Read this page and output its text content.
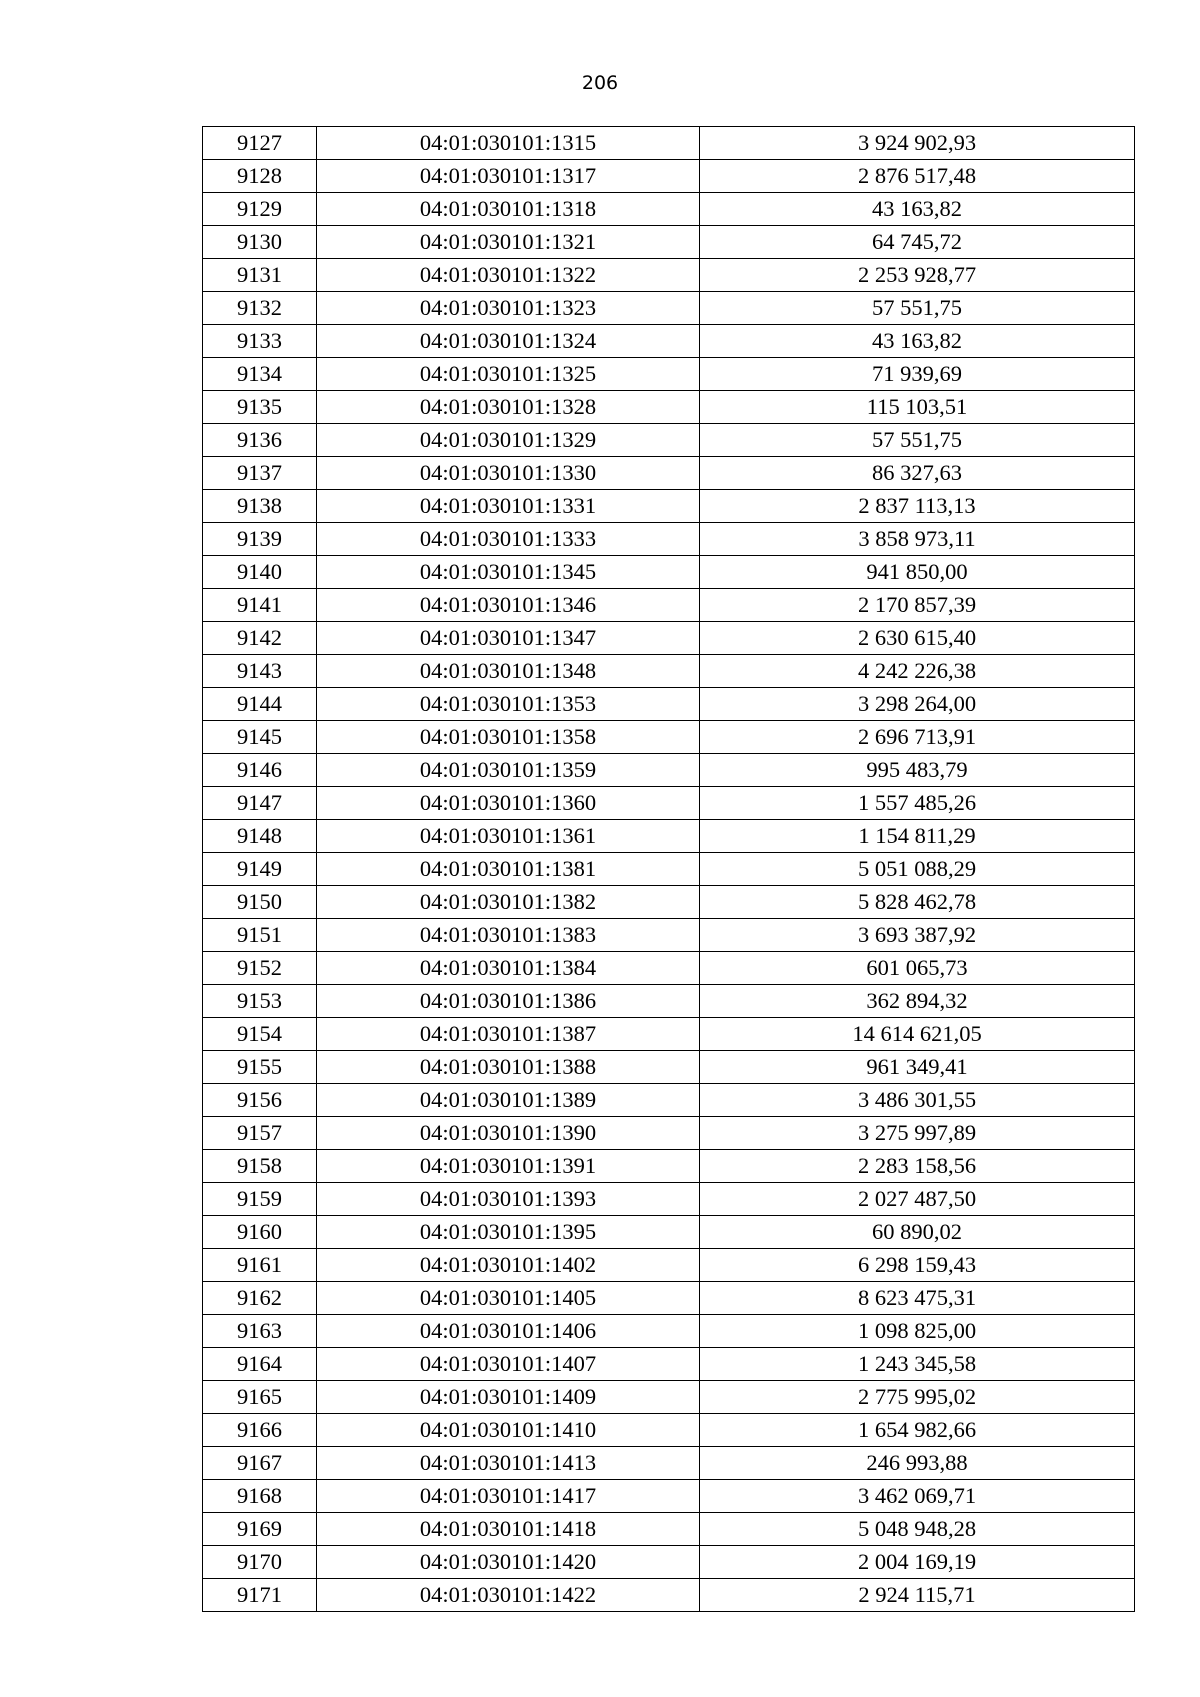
206
9127	04:01:030101:1315	3 924 902,93
9128	04:01:030101:1317	2 876 517,48
9129	04:01:030101:1318	43 163,82
9130	04:01:030101:1321	64 745,72
9131	04:01:030101:1322	2 253 928,77
9132	04:01:030101:1323	57 551,75
9133	04:01:030101:1324	43 163,82
9134	04:01:030101:1325	71 939,69
9135	04:01:030101:1328	115 103,51
9136	04:01:030101:1329	57 551,75
9137	04:01:030101:1330	86 327,63
9138	04:01:030101:1331	2 837 113,13
9139	04:01:030101:1333	3 858 973,11
9140	04:01:030101:1345	941 850,00
9141	04:01:030101:1346	2 170 857,39
9142	04:01:030101:1347	2 630 615,40
9143	04:01:030101:1348	4 242 226,38
9144	04:01:030101:1353	3 298 264,00
9145	04:01:030101:1358	2 696 713,91
9146	04:01:030101:1359	995 483,79
9147	04:01:030101:1360	1 557 485,26
9148	04:01:030101:1361	1 154 811,29
9149	04:01:030101:1381	5 051 088,29
9150	04:01:030101:1382	5 828 462,78
9151	04:01:030101:1383	3 693 387,92
9152	04:01:030101:1384	601 065,73
9153	04:01:030101:1386	362 894,32
9154	04:01:030101:1387	14 614 621,05
9155	04:01:030101:1388	961 349,41
9156	04:01:030101:1389	3 486 301,55
9157	04:01:030101:1390	3 275 997,89
9158	04:01:030101:1391	2 283 158,56
9159	04:01:030101:1393	2 027 487,50
9160	04:01:030101:1395	60 890,02
9161	04:01:030101:1402	6 298 159,43
9162	04:01:030101:1405	8 623 475,31
9163	04:01:030101:1406	1 098 825,00
9164	04:01:030101:1407	1 243 345,58
9165	04:01:030101:1409	2 775 995,02
9166	04:01:030101:1410	1 654 982,66
9167	04:01:030101:1413	246 993,88
9168	04:01:030101:1417	3 462 069,71
9169	04:01:030101:1418	5 048 948,28
9170	04:01:030101:1420	2 004 169,19
9171	04:01:030101:1422	2 924 115,71
